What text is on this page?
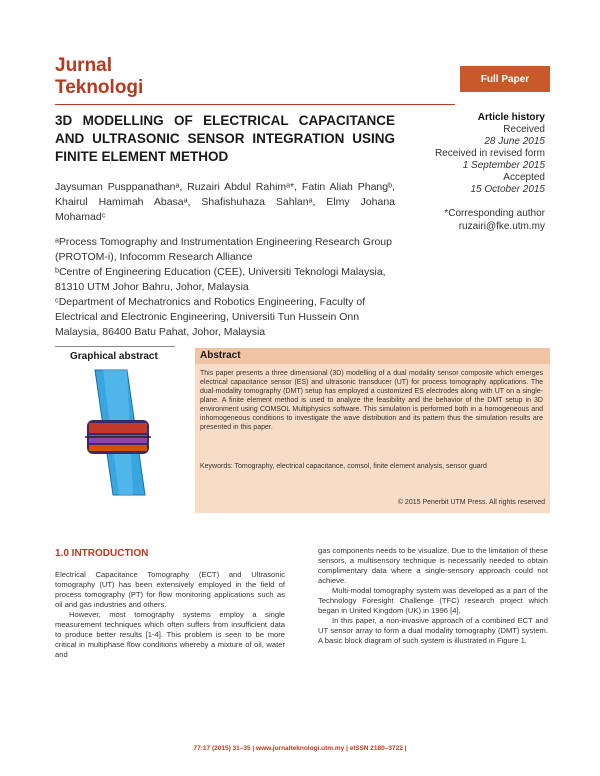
Jurnal
Teknologi	Full Paper
3D MODELLING OF ELECTRICAL CAPACITANCE AND ULTRASONIC SENSOR INTEGRATION USING FINITE ELEMENT METHOD
Jaysuman Pusppanathanᵃ, Ruzairi Abdul Rahimᵃ*, Fatin Aliah Phangᵇ, Khairul Hamimah Abasaᵃ, Shafishuhaza Sahlanᵃ, Elmy Johana Mohamadᶜ

ᵃProcess Tomography and Instrumentation Engineering Research Group (PROTOM-i), Infocomm Research Alliance

ᵇCentre of Engineering Education (CEE), Universiti Teknologi Malaysia, 81310 UTM Johor Bahru, Johor, Malaysia

ᶜDepartment of Mechatronics and Robotics Engineering, Faculty of Electrical and Electronic Engineering, Universiti Tun Hussein Onn Malaysia, 86400 Batu Pahat, Johor, Malaysia

Article history
Received
28 June 2015
Received in revised form
1 September 2015
Accepted
15 October 2015
*Corresponding author
ruzairi@fke.utm.my
Graphical abstract	Abstract
This paper presents a three dimensional (3D) modelling of a dual modality sensor composite which emerges electrical capacitance sensor (ES) and ultrasonic transducer (UT) for process tomography applications. The dual-modality tomography (DMT) setup has employed a customized ES electrodes along with UT on a single-plane. A finite element method is used to analyze the feasibility and the behavior of the DMT setup in 3D environment using COMSOL Multiphysics software. This simulation is performed both in a homogeneous and inhomogeneous conditions to investigate the wave distribution and its pattern thus the simulation results are presented in this paper.
Keywords: Tomography, electrical capacitance, comsol, finite element analysis, sensor guard
© 2015 Penerbit UTM Press. All rights reserved
1.0 INTRODUCTION

Electrical Capacitance Tomography (ECT) and Ultrasonic tomography (UT) has been extensively employed in the field of process tomography (PT) for flow monitoring applications such as oil and gas industries and others.

However, most tomography systems employ a single measurement techniques which often suffers from insufficient data to produce better results [1-4]. This problem is seen to be more critical in multiphase flow conditions whereby a mixture of oil, water and

gas components needs to be visualize. Due to the limitation of these sensors, a multisensory technique is necessarily needed to obtain complimentary data where a single-sensory approach could not achieve.

Multi-modal tomography system was developed as a part of the Technology Foresight Challenge (TFC) research project which began in United Kingdom (UK) in 1996 [4].

In this paper, a non-invasive approach of a combined ECT and UT sensor array to form a dual modality tomography (DMT) system. A basic block diagram of such system is illustrated in Figure 1.

77:17 (2015) 31–35 | www.jurnalteknologi.utm.my | eISSN 2180–3722 |
